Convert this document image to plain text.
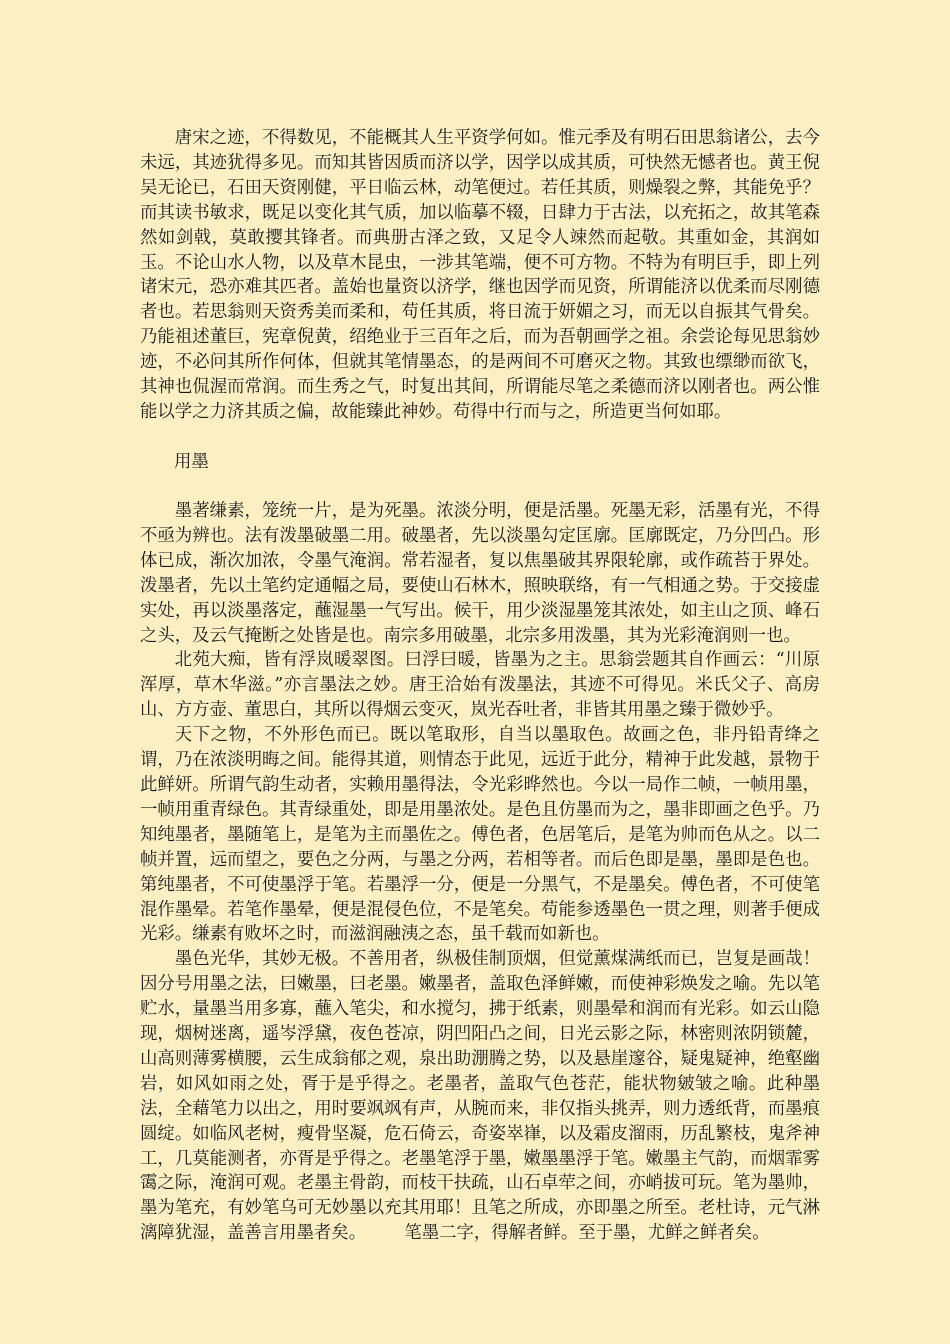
唐宋之迹，不得数见，不能概其人生平资学何如。惟元季及有明石田思翁诸公，去今未远，其迹犹得多见。而知其皆因质而济以学，因学以成其质，可快然无憾者也。黄王倪吴无论已，石田天资刚健，平日临云林，动笔便过。若任其质，则燥裂之弊，其能免乎？而其读书敏求，既足以变化其气质，加以临摹不辍，日肆力于古法，以充拓之，故其笔森然如剑戟，莫敢撄其锋者。而典册古泽之致，又足令人竦然而起敬。其重如金，其润如玉。不论山水人物，以及草木昆虫，一涉其笔端，便不可方物。不特为有明巨手，即上列诸宋元，恐亦难其匹者。盖始也量资以济学，继也因学而见资，所谓能济以优柔而尽刚德者也。若思翁则天资秀美而柔和，苟任其质，将日流于妍媚之习，而无以自振其气骨矣。乃能祖述董巨，宪章倪黄，绍绝业于三百年之后，而为吾朝画学之祖。余尝论每见思翁妙迹，不必问其所作何体，但就其笔情墨态，的是两间不可磨灭之物。其致也缥缈而欲飞，其神也侃渥而常润。而生秀之气，时复出其间，所谓能尽笔之柔德而济以刚者也。两公惟能以学之力济其质之偏，故能臻此神妙。苟得中行而与之，所造更当何如耶。

用墨

墨著缣素，笼统一片，是为死墨。浓淡分明，便是活墨。死墨无彩，活墨有光，不得不亟为辨也。法有泼墨破墨二用。破墨者，先以淡墨勾定匡廓。匡廓既定，乃分凹凸。形体已成，渐次加浓，令墨气淹润。常若湿者，复以焦墨破其界限轮廓，或作疏苔于界处。泼墨者，先以土笔约定通幅之局，要使山石林木，照映联络，有一气相通之势。于交接虚实处，再以淡墨落定，蘸湿墨一气写出。候干，用少淡湿墨笼其浓处，如主山之顶、峰石之头，及云气掩断之处皆是也。南宗多用破墨，北宗多用泼墨，其为光彩淹润则一也。

北苑大痴，皆有浮岚暖翠图。曰浮曰暖，皆墨为之主。思翁尝题其自作画云：“川原浑厚，草木华滋。”亦言墨法之妙。唐王洽始有泼墨法，其迹不可得见。米氏父子、高房山、方方壶、董思白，其所以得烟云变灭，岚光吞吐者，非皆其用墨之臻于微妙乎。

天下之物，不外形色而已。既以笔取形，自当以墨取色。故画之色，非丹铅青绛之谓，乃在浓淡明晦之间。能得其道，则情态于此见，远近于此分，精神于此发越，景物于此鲜妍。所谓气韵生动者，实赖用墨得法，令光彩晔然也。今以一局作二帧，一帧用墨，一帧用重青绿色。其青绿重处，即是用墨浓处。是色且仿墨而为之，墨非即画之色乎。乃知纯墨者，墨随笔上，是笔为主而墨佐之。傅色者，色居笔后，是笔为帅而色从之。以二帧并置，远而望之，要色之分两，与墨之分两，若相等者。而后色即是墨，墨即是色也。第纯墨者，不可使墨浮于笔。若墨浮一分，便是一分黑气，不是墨矣。傅色者，不可使笔混作墨晕。若笔作墨晕，便是混侵色位，不是笔矣。苟能参透墨色一贯之理，则著手便成光彩。缣素有败坏之时，而滋润融洟之态，虽千载而如新也。

墨色光华，其妙无极。不善用者，纵极佳制顶烟，但觉薰煤满纸而已，岂复是画哉！因分号用墨之法，曰嫩墨，曰老墨。嫩墨者，盖取色泽鲜嫩，而使神彩焕发之喻。先以笔贮水，量墨当用多寡，蘸入笔尖，和水搅匀，拂于纸素，则墨晕和润而有光彩。如云山隐现，烟树迷离，遥岑浮黛，夜色苍凉，阴凹阳凸之间，日光云影之际，林密则浓阴锁麓，山高则薄雾横腰，云生成翁郁之观，泉出助淜腾之势，以及悬崖邃谷，疑鬼疑神，绝壑幽岩，如风如雨之处，胥于是乎得之。老墨者，盖取气色苍茫，能状物皴皱之喻。此种墨法，全藉笔力以出之，用时要飒飒有声，从腕而来，非仅指头挑弄，则力透纸背，而墨痕圆绽。如临风老树，瘦骨坚凝，危石倚云，奇姿崒嵂，以及霜皮溜雨，历乱繁枝，鬼斧神工，几莫能测者，亦胥是乎得之。老墨笔浮于墨，嫩墨墨浮于笔。嫩墨主气韵，而烟霏雾霭之际，淹润可观。老墨主骨韵，而枝干扶疏，山石卓荦之间，亦峭拔可玩。笔为墨帅，墨为笔充，有妙笔乌可无妙墨以充其用耶！且笔之所成，亦即墨之所至。老杜诗，元气淋漓障犹湿，盖善言用墨者矣。 笔墨二字，得解者鲜。至于墨，尤鲜之鲜者矣。
